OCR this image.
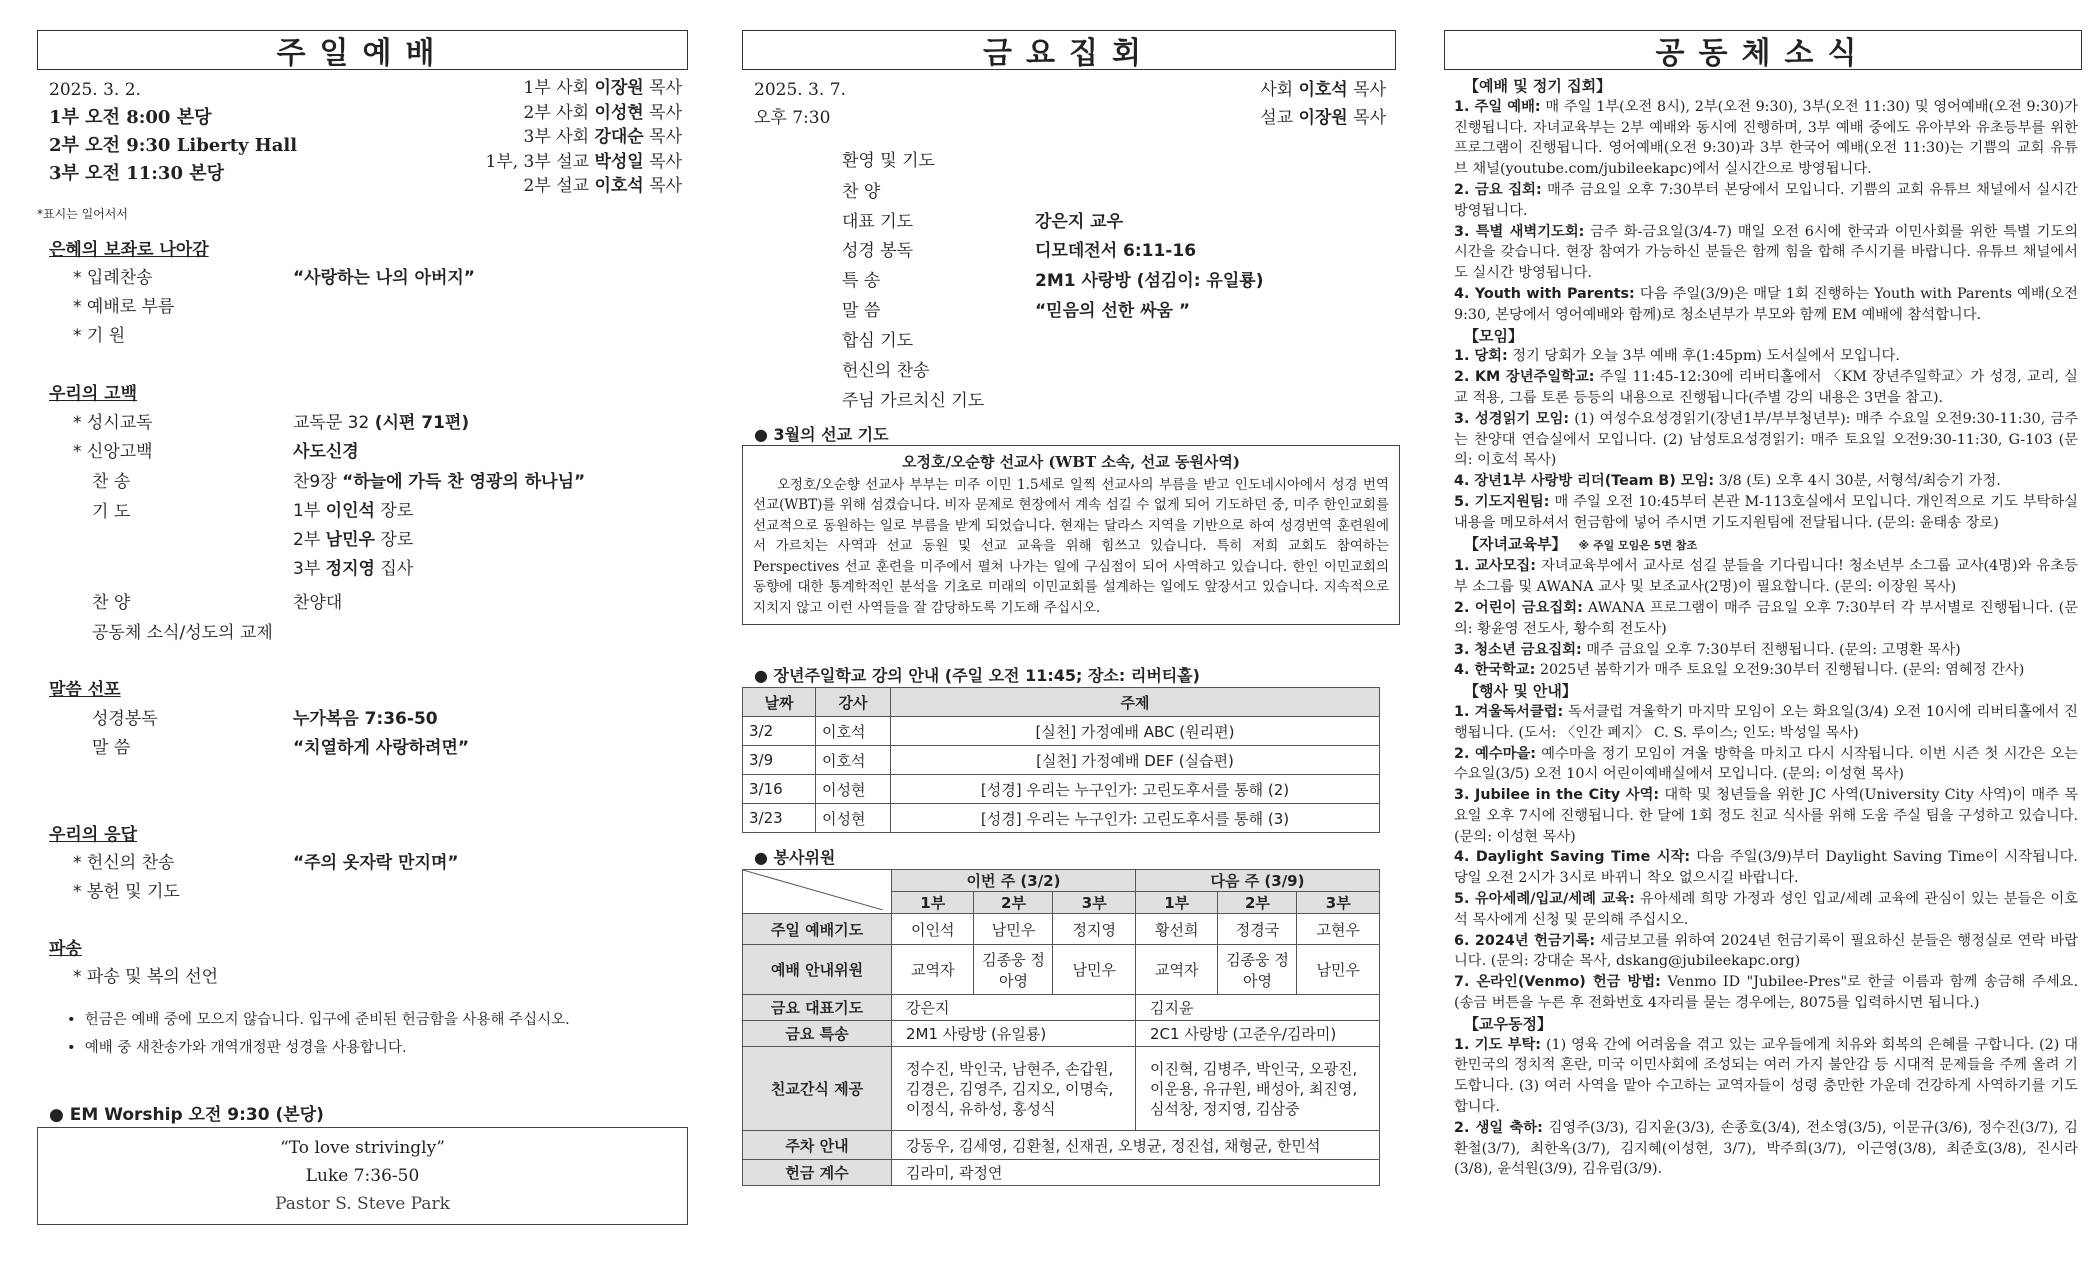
주일예배
2025. 3. 2.
1부 오전 8:00 본당
2부 오전 9:30 Liberty Hall
3부 오전 11:30 본당
1부 사회 이장원 목사
2부 사회 이성현 목사
3부 사회 강대순 목사
1부, 3부 설교 박성일 목사
2부 설교 이호석 목사
*표시는 일어서서
은혜의 보좌로 나아감
* 입례찬송	“사랑하는 나의 아버지”
* 예배로 부름
* 기 원
우리의 고백
* 성시교독	교독문 32 (시편 71편)
* 신앙고백	사도신경
찬 송	찬9장 “하늘에 가득 찬 영광의 하나님”
기 도	1부 이인석 장로
2부 남민우 장로
3부 정지영 집사
찬 양	찬양대
공동체 소식/성도의 교제
말씀 선포
성경봉독	누가복음 7:36-50
말 씀	“치열하게 사랑하려면”
우리의 응답
* 헌신의 찬송	“주의 옷자락 만지며”
* 봉헌 및 기도
파송
* 파송 및 복의 선언
•  헌금은 예배 중에 모으지 않습니다. 입구에 준비된 헌금함을 사용해 주십시오.
•  예배 중 새찬송가와 개역개정판 성경을 사용합니다.
● EM Worship 오전 9:30 (본당)
“To love strivingly”
Luke 7:36-50
Pastor S. Steve Park
금요집회
2025. 3. 7.
오후 7:30
사회 이호석 목사
설교 이장원 목사
환영 및 기도
찬 양
대표 기도	강은지 교우
성경 봉독	디모데전서 6:11-16
특 송	2M1 사랑방 (섬김이: 유일룡)
말 씀	“믿음의 선한 싸움 ”
합심 기도
헌신의 찬송
주님 가르치신 기도
● 3월의 선교 기도
오정호/오순향 선교사 (WBT 소속, 선교 동원사역)
오정호/오순향 선교사 부부는 미주 이민 1.5세로 일찍 선교사의 부름을 받고 인도네시아에서 성경 번역 선교(WBT)를 위해 섬겼습니다. 비자 문제로 현장에서 계속 섬길 수 없게 되어 기도하던 중, 미주 한인교회를 선교적으로 동원하는 일로 부름을 받게 되었습니다. 현재는 달라스 지역을 기반으로 하여 성경번역 훈련원에서 가르치는 사역과 선교 동원 및 선교 교육을 위해 힘쓰고 있습니다. 특히 저희 교회도 참여하는 Perspectives 선교 훈련을 미주에서 펼쳐 나가는 일에 구심점이 되어 사역하고 있습니다. 한인 이민교회의 동향에 대한 통계학적인 분석을 기초로 미래의 이민교회를 설계하는 일에도 앞장서고 있습니다. 지속적으로 지치지 않고 이런 사역들을 잘 감당하도록 기도해 주십시오.
● 장년주일학교 강의 안내 (주일 오전 11:45; 장소: 리버티홀)
날짜	강사	주제
3/2	이호석	[실천] 가정예배 ABC (원리편)
3/9	이호석	[실천] 가정예배 DEF (실습편)
3/16	이성현	[성경] 우리는 누구인가: 고린도후서를 통해 (2)
3/23	이성현	[성경] 우리는 누구인가: 고린도후서를 통해 (3)
● 봉사위원
	이번 주 (3/2)			다음 주 (3/9)		
	1부	2부	3부	1부	2부	3부
주일 예배기도	이인석	남민우	정지영	황선희	정경국	고현우
예배 안내위원	교역자	김종웅 정아영	남민우	교역자	김종웅 정아영	남민우
금요 대표기도	강은지			김지윤		
금요 특송	2M1 사랑방 (유일룡)			2C1 사랑방 (고준우/김라미)		
친교간식 제공	정수진, 박인국, 남현주, 손갑원, 김경은, 김영주, 김지오, 이명숙, 이정식, 유하성, 홍성식			이진혁, 김병주, 박인국, 오광진, 이운용, 유규원, 배성아, 최진영, 심석창, 정지영, 김삼중		
주차 안내	강동우, 김세영, 김환철, 신재권, 오병균, 정진섭, 채형균, 한민석					
헌금 계수	김라미, 곽정연					
공동체소식
【예배 및 정기 집회】
1. 주일 예배: 매 주일 1부(오전 8시), 2부(오전 9:30), 3부(오전 11:30) 및 영어예배(오전 9:30)가 진행됩니다. 자녀교육부는 2부 예배와 동시에 진행하며, 3부 예배 중에도 유아부와 유초등부를 위한 프로그램이 진행됩니다. 영어예배(오전 9:30)과 3부 한국어 예배(오전 11:30)는 기쁨의 교회 유튜브 채널(youtube.com/jubileekapc)에서 실시간으로 방영됩니다.
2. 금요 집회: 매주 금요일 오후 7:30부터 본당에서 모입니다. 기쁨의 교회 유튜브 채널에서 실시간 방영됩니다.
3. 특별 새벽기도회: 금주 화-금요일(3/4-7) 매일 오전 6시에 한국과 이민사회를 위한 특별 기도의 시간을 갖습니다. 현장 참여가 가능하신 분들은 함께 힘을 합해 주시기를 바랍니다. 유튜브 채널에서도 실시간 방영됩니다.
4. Youth with Parents: 다음 주일(3/9)은 매달 1회 진행하는 Youth with Parents 예배(오전 9:30, 본당에서 영어예배와 함께)로 청소년부가 부모와 함께 EM 예배에 참석합니다.
【모임】
1. 당회: 정기 당회가 오늘 3부 예배 후(1:45pm) 도서실에서 모입니다.
2. KM 장년주일학교: 주일 11:45-12:30에 리버티홀에서 〈KM 장년주일학교〉가 성경, 교리, 실교 적용, 그룹 토론 등등의 내용으로 진행됩니다(주별 강의 내용은 3면을 참고).
3. 성경읽기 모임: (1) 여성수요성경읽기(장년1부/부부청년부): 매주 수요일 오전9:30-11:30, 금주는 찬양대 연습실에서 모입니다. (2) 남성토요성경읽기: 매주 토요일 오전9:30-11:30, G-103 (문의: 이호석 목사)
4. 장년1부 사랑방 리더(Team B) 모임: 3/8 (토) 오후 4시 30분, 서형석/최승기 가정.
5. 기도지원팀: 매 주일 오전 10:45부터 본관 M-113호실에서 모입니다. 개인적으로 기도 부탁하실 내용을 메모하셔서 헌금함에 넣어 주시면 기도지원팀에 전달됩니다. (문의: 윤태송 장로)
【자녀교육부】 ※ 주일 모임은 5면 참조
1. 교사모집: 자녀교육부에서 교사로 섬길 분들을 기다립니다! 청소년부 소그룹 교사(4명)와 유초등부 소그룹 및 AWANA 교사 및 보조교사(2명)이 필요합니다. (문의: 이장원 목사)
2. 어린이 금요집회: AWANA 프로그램이 매주 금요일 오후 7:30부터 각 부서별로 진행됩니다. (문의: 황윤영 전도사, 황수희 전도사)
3. 청소년 금요집회: 매주 금요일 오후 7:30부터 진행됩니다. (문의: 고명환 목사)
4. 한국학교: 2025년 봄학기가 매주 토요일 오전9:30부터 진행됩니다. (문의: 염혜정 간사)
【행사 및 안내】
1. 겨울독서클럽: 독서클럽 겨울학기 마지막 모임이 오는 화요일(3/4) 오전 10시에 리버티홀에서 진행됩니다. (도서: 〈인간 폐지〉 C. S. 루이스; 인도: 박성일 목사)
2. 예수마을: 예수마을 정기 모임이 겨울 방학을 마치고 다시 시작됩니다. 이번 시즌 첫 시간은 오는 수요일(3/5) 오전 10시 어린이예배실에서 모입니다. (문의: 이성현 목사)
3. Jubilee in the City 사역: 대학 및 청년들을 위한 JC 사역(University City 사역)이 매주 목요일 오후 7시에 진행됩니다. 한 달에 1회 정도 친교 식사를 위해 도움 주실 팀을 구성하고 있습니다. (문의: 이성현 목사)
4. Daylight Saving Time 시작: 다음 주일(3/9)부터 Daylight Saving Time이 시작됩니다. 당일 오전 2시가 3시로 바뀌니 착오 없으시길 바랍니다.
5. 유아세례/입교/세례 교육: 유아세례 희망 가정과 성인 입교/세례 교육에 관심이 있는 분들은 이호석 목사에게 신청 및 문의해 주십시오.
6. 2024년 헌금기록: 세금보고를 위하여 2024년 헌금기록이 필요하신 분들은 행정실로 연락 바랍니다. (문의: 강대순 목사, dskang@jubileekapc.org)
7. 온라인(Venmo) 헌금 방법: Venmo ID "Jubilee-Pres"로 한글 이름과 함께 송금해 주세요. (송금 버튼을 누른 후 전화번호 4자리를 묻는 경우에는, 8075를 입력하시면 됩니다.)
【교우동정】
1. 기도 부탁: (1) 영육 간에 어려움을 겪고 있는 교우들에게 치유와 회복의 은혜를 구합니다. (2) 대한민국의 정치적 혼란, 미국 이민사회에 조성되는 여러 가지 불안감 등 시대적 문제들을 주께 올려 기도합니다. (3) 여러 사역을 맡아 수고하는 교역자들이 성령 충만한 가운데 건강하게 사역하기를 기도합니다.
2. 생일 축하: 김영주(3/3), 김지윤(3/3), 손종호(3/4), 전소영(3/5), 이문규(3/6), 정수진(3/7), 김환철(3/7), 최한옥(3/7), 김지혜(이성현, 3/7), 박주희(3/7), 이근영(3/8), 최준호(3/8), 진시라(3/8), 윤석원(3/9), 김유림(3/9).
